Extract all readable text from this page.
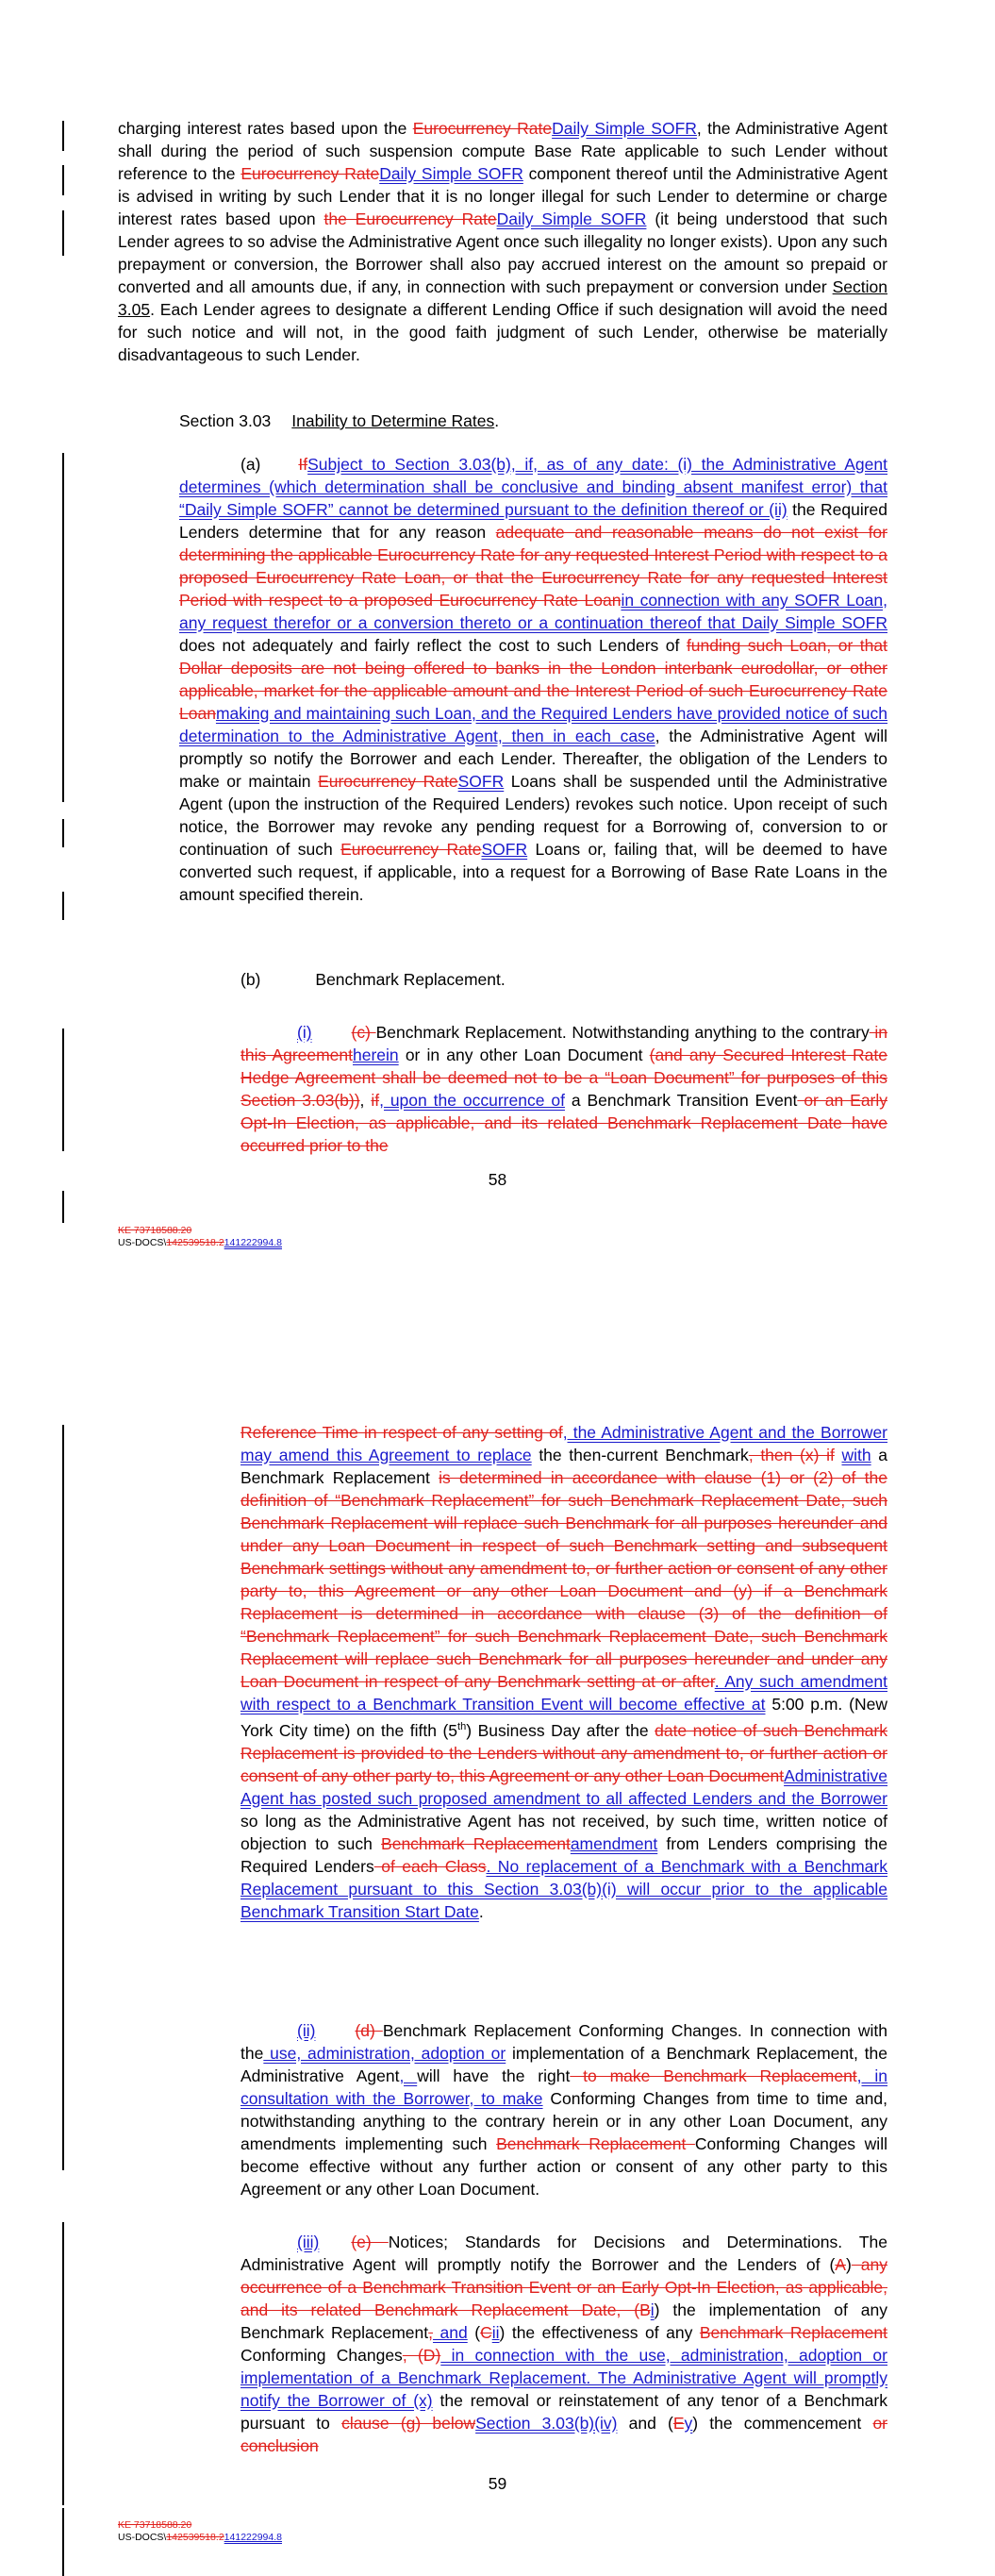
charging interest rates based upon the Eurocurrency RateDaily Simple SOFR, the Administrative Agent shall during the period of such suspension compute Base Rate applicable to such Lender without reference to the Eurocurrency RateDaily Simple SOFR component thereof until the Administrative Agent is advised in writing by such Lender that it is no longer illegal for such Lender to determine or charge interest rates based upon the Eurocurrency RateDaily Simple SOFR (it being understood that such Lender agrees to so advise the Administrative Agent once such illegality no longer exists). Upon any such prepayment or conversion, the Borrower shall also pay accrued interest on the amount so prepaid or converted and all amounts due, if any, in connection with such prepayment or conversion under Section 3.05. Each Lender agrees to designate a different Lending Office if such designation will avoid the need for such notice and will not, in the good faith judgment of such Lender, otherwise be materially disadvantageous to such Lender.

Section 3.03 Inability to Determine Rates.

(a) IfSubject to Section 3.03(b), if, as of any date: (i) the Administrative Agent determines (which determination shall be conclusive and binding absent manifest error) that “Daily Simple SOFR” cannot be determined pursuant to the definition thereof or (ii) the Required Lenders determine that for any reason adequate and reasonable means do not exist for determining the applicable Eurocurrency Rate for any requested Interest Period with respect to a proposed Eurocurrency Rate Loan, or that the Eurocurrency Rate for any requested Interest Period with respect to a proposed Eurocurrency Rate Loanin connection with any SOFR Loan, any request therefor or a conversion thereto or a continuation thereof that Daily Simple SOFR does not adequately and fairly reflect the cost to such Lenders of funding such Loan, or that Dollar deposits are not being offered to banks in the London interbank eurodollar, or other applicable, market for the applicable amount and the Interest Period of such Eurocurrency Rate Loanmaking and maintaining such Loan, and the Required Lenders have provided notice of such determination to the Administrative Agent, then in each case, the Administrative Agent will promptly so notify the Borrower and each Lender. Thereafter, the obligation of the Lenders to make or maintain Eurocurrency RateSOFR Loans shall be suspended until the Administrative Agent (upon the instruction of the Required Lenders) revokes such notice. Upon receipt of such notice, the Borrower may revoke any pending request for a Borrowing of, conversion to or continuation of such Eurocurrency RateSOFR Loans or, failing that, will be deemed to have converted such request, if applicable, into a request for a Borrowing of Base Rate Loans in the amount specified therein.

(b)	Benchmark Replacement.

(i) (c) Benchmark Replacement. Notwithstanding anything to the contrary in this Agreementherein or in any other Loan Document (and any Secured Interest Rate Hedge Agreement shall be deemed not to be a “Loan Document” for purposes of this Section 3.03(b)), if, upon the occurrence of a Benchmark Transition Event or an Early Opt-In Election, as applicable, and its related Benchmark Replacement Date have occurred prior to the

58
KE 73718588.20
US-DOCS\142539518.2141222994.8

Reference Time in respect of any setting of, the Administrative Agent and the Borrower may amend this Agreement to replace the then-current Benchmark, then (x) if with a Benchmark Replacement is determined in accordance with clause (1) or (2) of the definition of “Benchmark Replacement” for such Benchmark Replacement Date, such Benchmark Replacement will replace such Benchmark for all purposes hereunder and under any Loan Document in respect of such Benchmark setting and subsequent Benchmark settings without any amendment to, or further action or consent of any other party to, this Agreement or any other Loan Document and (y) if a Benchmark Replacement is determined in accordance with clause (3) of the definition of “Benchmark Replacement” for such Benchmark Replacement Date, such Benchmark Replacement will replace such Benchmark for all purposes hereunder and under any Loan Document in respect of any Benchmark setting at or after. Any such amendment with respect to a Benchmark Transition Event will become effective at 5:00 p.m. (New York City time) on the fifth (5th) Business Day after the date notice of such Benchmark Replacement is provided to the Lenders without any amendment to, or further action or consent of any other party to, this Agreement or any other Loan DocumentAdministrative Agent has posted such proposed amendment to all affected Lenders and the Borrower so long as the Administrative Agent has not received, by such time, written notice of objection to such Benchmark Replacementamendment from Lenders comprising the Required Lenders of each Class. No replacement of a Benchmark with a Benchmark Replacement pursuant to this Section 3.03(b)(i) will occur prior to the applicable Benchmark Transition Start Date.

(ii) (d) Benchmark Replacement Conforming Changes. In connection with the use, administration, adoption or implementation of a Benchmark Replacement, the Administrative Agent, will have the right to make Benchmark Replacement, in consultation with the Borrower, to make Conforming Changes from time to time and, notwithstanding anything to the contrary herein or in any other Loan Document, any amendments implementing such Benchmark Replacement Conforming Changes will become effective without any further action or consent of any other party to this Agreement or any other Loan Document.

(iii) (e) Notices; Standards for Decisions and Determinations. The Administrative Agent will promptly notify the Borrower and the Lenders of (A) any occurrence of a Benchmark Transition Event or an Early Opt-In Election, as applicable, and its related Benchmark Replacement Date, (Bi) the implementation of any Benchmark Replacement, and (Cii) the effectiveness of any Benchmark Replacement Conforming Changes, (D) in connection with the use, administration, adoption or implementation of a Benchmark Replacement. The Administrative Agent will promptly notify the Borrower of (x) the removal or reinstatement of any tenor of a Benchmark pursuant to clause (g) belowSection 3.03(b)(iv) and (Ey) the commencement or conclusion

59
KE 73718588.20
US-DOCS\142539518.2141222994.8
